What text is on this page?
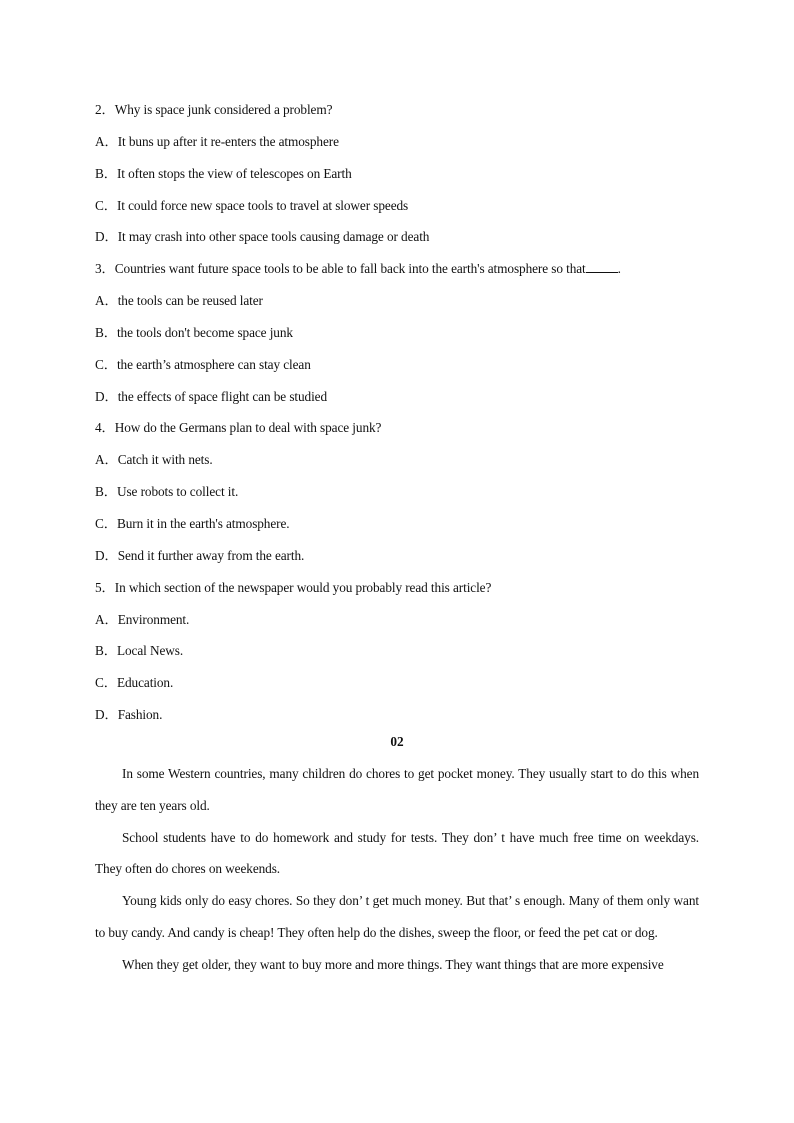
2．Why is space junk considered a problem?
A．It buns up after it re-enters the atmosphere
B．It often stops the view of telescopes on Earth
C．It could force new space tools to travel at slower speeds
D．It may crash into other space tools causing damage or death
3．Countries want future space tools to be able to fall back into the earth's atmosphere so that .
A．the tools can be reused later
B．the tools don't become space junk
C．the earth’s atmosphere can stay clean
D．the effects of space flight can be studied
4．How do the Germans plan to deal with space junk?
A．Catch it with nets.
B．Use robots to collect it.
C．Burn it in the earth's atmosphere.
D．Send it further away from the earth.
5．In which section of the newspaper would you probably read this article?
A．Environment.
B．Local News.
C．Education.
D．Fashion.
02

In some Western countries, many children do chores to get pocket money. They usually start to do this when they are ten years old.

School students have to do homework and study for tests. They don’ t have much free time on weekdays. They often do chores on weekends.

Young kids only do easy chores. So they don’ t get much money. But that’ s enough. Many of them only want to buy candy. And candy is cheap! They often help do the dishes, sweep the floor, or feed the pet cat or dog.

When they get older, they want to buy more and more things. They want things that are more expensive
